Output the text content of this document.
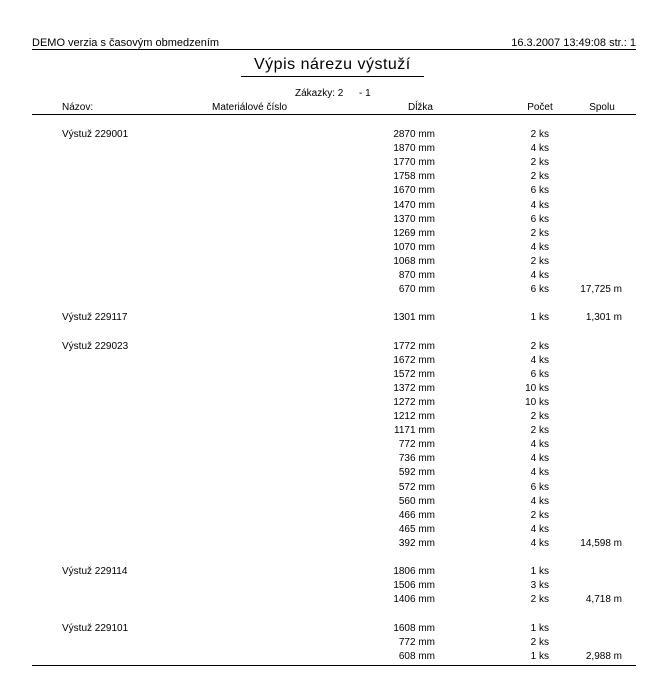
DEMO verzia s časovým obmedzením	16.3.2007 13:49:08 str.: 1
Výpis nárezu výstuží
Zákazky: 2 - 1
Názov:	Materiálové číslo	Dĺžka	Počet	Spolu
Výstuž 229001	2870 mm	2 ks
1870 mm	4 ks
1770 mm	2 ks
1758 mm	2 ks
1670 mm	6 ks
1470 mm	4 ks
1370 mm	6 ks
1269 mm	2 ks
1070 mm	4 ks
1068 mm	2 ks
870 mm	4 ks
670 mm	6 ks	17,725 m
Výstuž 229117	1301 mm	1 ks	1,301 m
Výstuž 229023	1772 mm	2 ks
1672 mm	4 ks
1572 mm	6 ks
1372 mm	10 ks
1272 mm	10 ks
1212 mm	2 ks
1171 mm	2 ks
772 mm	4 ks
736 mm	4 ks
592 mm	4 ks
572 mm	6 ks
560 mm	4 ks
466 mm	2 ks
465 mm	4 ks
392 mm	4 ks	14,598 m
Výstuž 229114	1806 mm	1 ks
1506 mm	3 ks
1406 mm	2 ks	4,718 m
Výstuž 229101	1608 mm	1 ks
772 mm	2 ks
608 mm	1 ks	2,988 m
